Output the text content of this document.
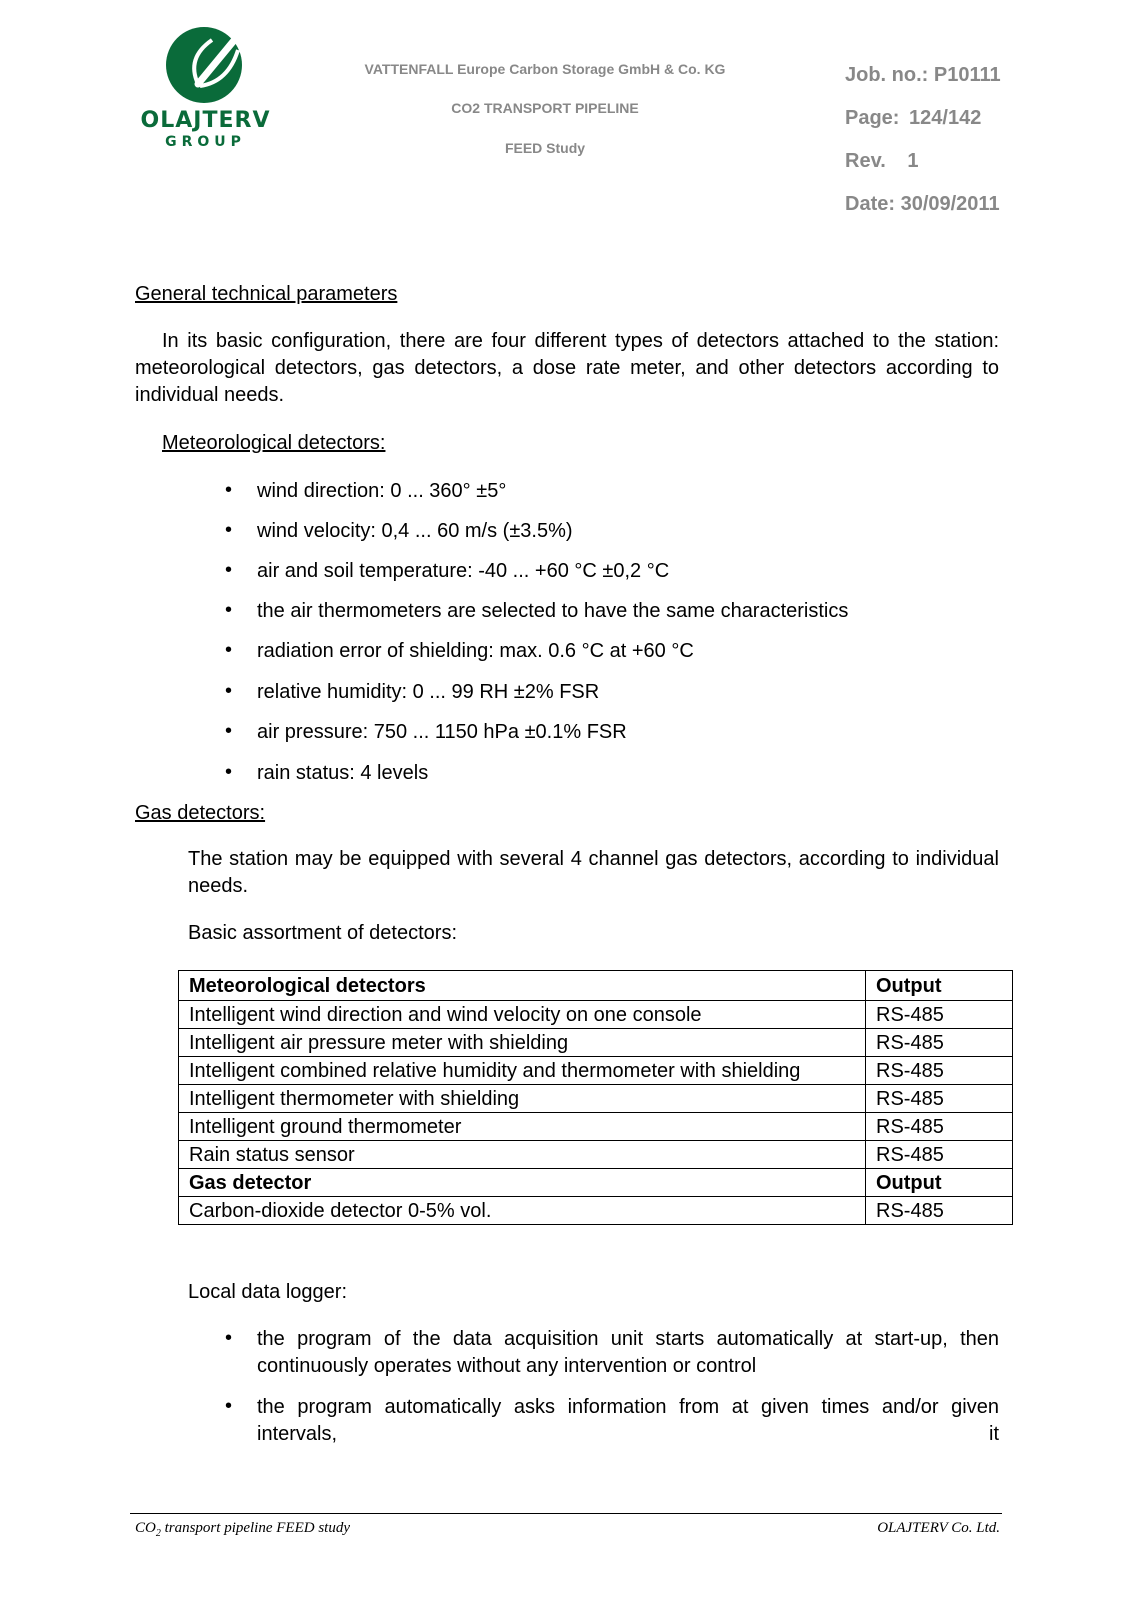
OLAJTERV
GROUP
VATTENFALL Europe Carbon Storage GmbH & Co. KG
CO2 TRANSPORT PIPELINE
FEED Study
Job. no.: P10111
Page: 124/142
Rev. 1
Date: 30/09/2011
General technical parameters
In its basic configuration, there are four different types of detectors attached to the station: meteorological detectors, gas detectors, a dose rate meter, and other detectors according to individual needs.
Meteorological detectors:
• wind direction: 0 ... 360° ±5°
• wind velocity: 0,4 ... 60 m/s (±3.5%)
• air and soil temperature: -40 ... +60 °C ±0,2 °C
• the air thermometers are selected to have the same characteristics
• radiation error of shielding: max. 0.6 °C at +60 °C
• relative humidity: 0 ... 99 RH ±2% FSR
• air pressure: 750 ... 1150 hPa ±0.1% FSR
• rain status: 4 levels
Gas detectors:
The station may be equipped with several 4 channel gas detectors, according to individual needs.
Basic assortment of detectors:
Meteorological detectors	Output
Intelligent wind direction and wind velocity on one console	RS-485
Intelligent air pressure meter with shielding	RS-485
Intelligent combined relative humidity and thermometer with shielding	RS-485
Intelligent thermometer with shielding	RS-485
Intelligent ground thermometer	RS-485
Rain status sensor	RS-485
Gas detector	Output
Carbon-dioxide detector 0-5% vol.	RS-485
Local data logger:
• the program of the data acquisition unit starts automatically at start-up, then
continuously operates without any intervention or control
• the program automatically asks information from at given times and/or given
intervals,	it
$CO_2$ transport pipeline FEED study	OLAJTERV Co. Ltd.
